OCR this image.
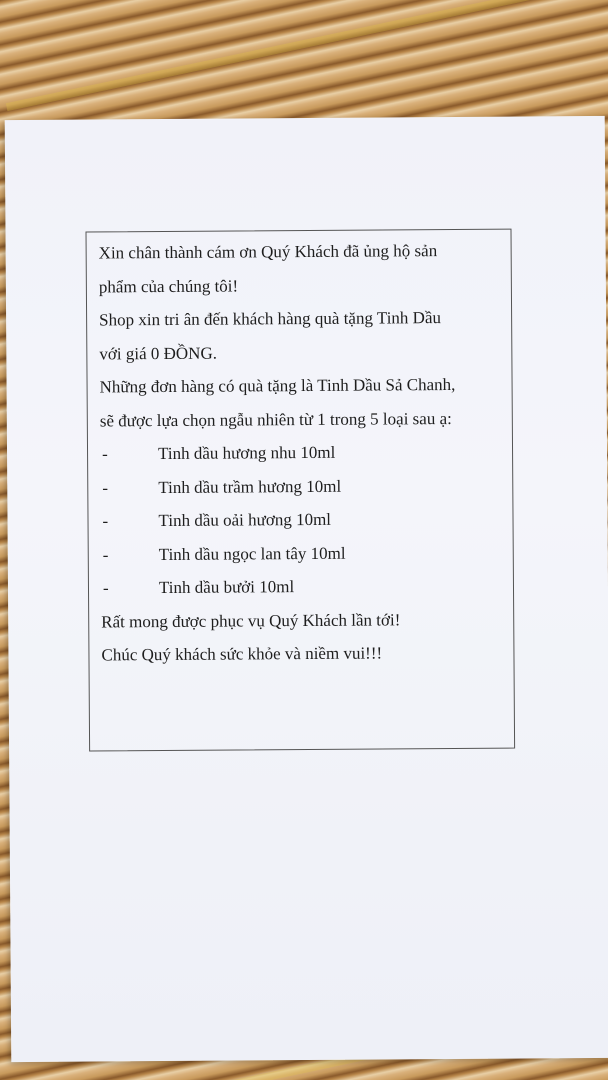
Xin chân thành cám ơn Quý Khách đã ủng hộ sản
phẩm của chúng tôi!
Shop xin tri ân đến khách hàng quà tặng Tinh Dầu
với giá 0 ĐỒNG.
Những đơn hàng có quà tặng là Tinh Dầu Sả Chanh,
sẽ được lựa chọn ngẫu nhiên từ 1 trong 5 loại sau ạ:
-	Tinh dầu hương nhu 10ml
-	Tinh dầu trầm hương 10ml
-	Tinh dầu oải hương 10ml
-	Tinh dầu ngọc lan tây 10ml
-	Tinh dầu bưởi 10ml
Rất mong được phục vụ Quý Khách lần tới!
Chúc Quý khách sức khỏe và niềm vui!!!
